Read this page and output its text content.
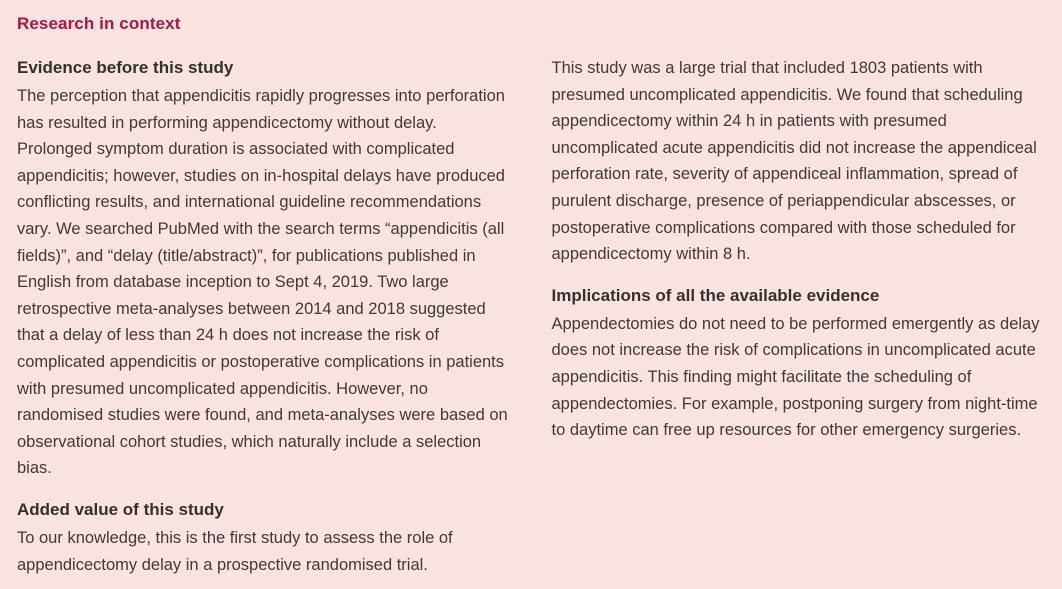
Research in context
Evidence before this study
The perception that appendicitis rapidly progresses into perforation has resulted in performing appendicectomy without delay. Prolonged symptom duration is associated with complicated appendicitis; however, studies on in-hospital delays have produced conflicting results, and international guideline recommendations vary. We searched PubMed with the search terms “appendicitis (all fields)”, and “delay (title/abstract)”, for publications published in English from database inception to Sept 4, 2019. Two large retrospective meta-analyses between 2014 and 2018 suggested that a delay of less than 24 h does not increase the risk of complicated appendicitis or postoperative complications in patients with presumed uncomplicated appendicitis. However, no randomised studies were found, and meta-analyses were based on observational cohort studies, which naturally include a selection bias.
Added value of this study
To our knowledge, this is the first study to assess the role of appendicectomy delay in a prospective randomised trial.
This study was a large trial that included 1803 patients with presumed uncomplicated appendicitis. We found that scheduling appendicectomy within 24 h in patients with presumed uncomplicated acute appendicitis did not increase the appendiceal perforation rate, severity of appendiceal inflammation, spread of purulent discharge, presence of periappendicular abscesses, or postoperative complications compared with those scheduled for appendicectomy within 8 h.
Implications of all the available evidence
Appendectomies do not need to be performed emergently as delay does not increase the risk of complications in uncomplicated acute appendicitis. This finding might facilitate the scheduling of appendectomies. For example, postponing surgery from night-time to daytime can free up resources for other emergency surgeries.
